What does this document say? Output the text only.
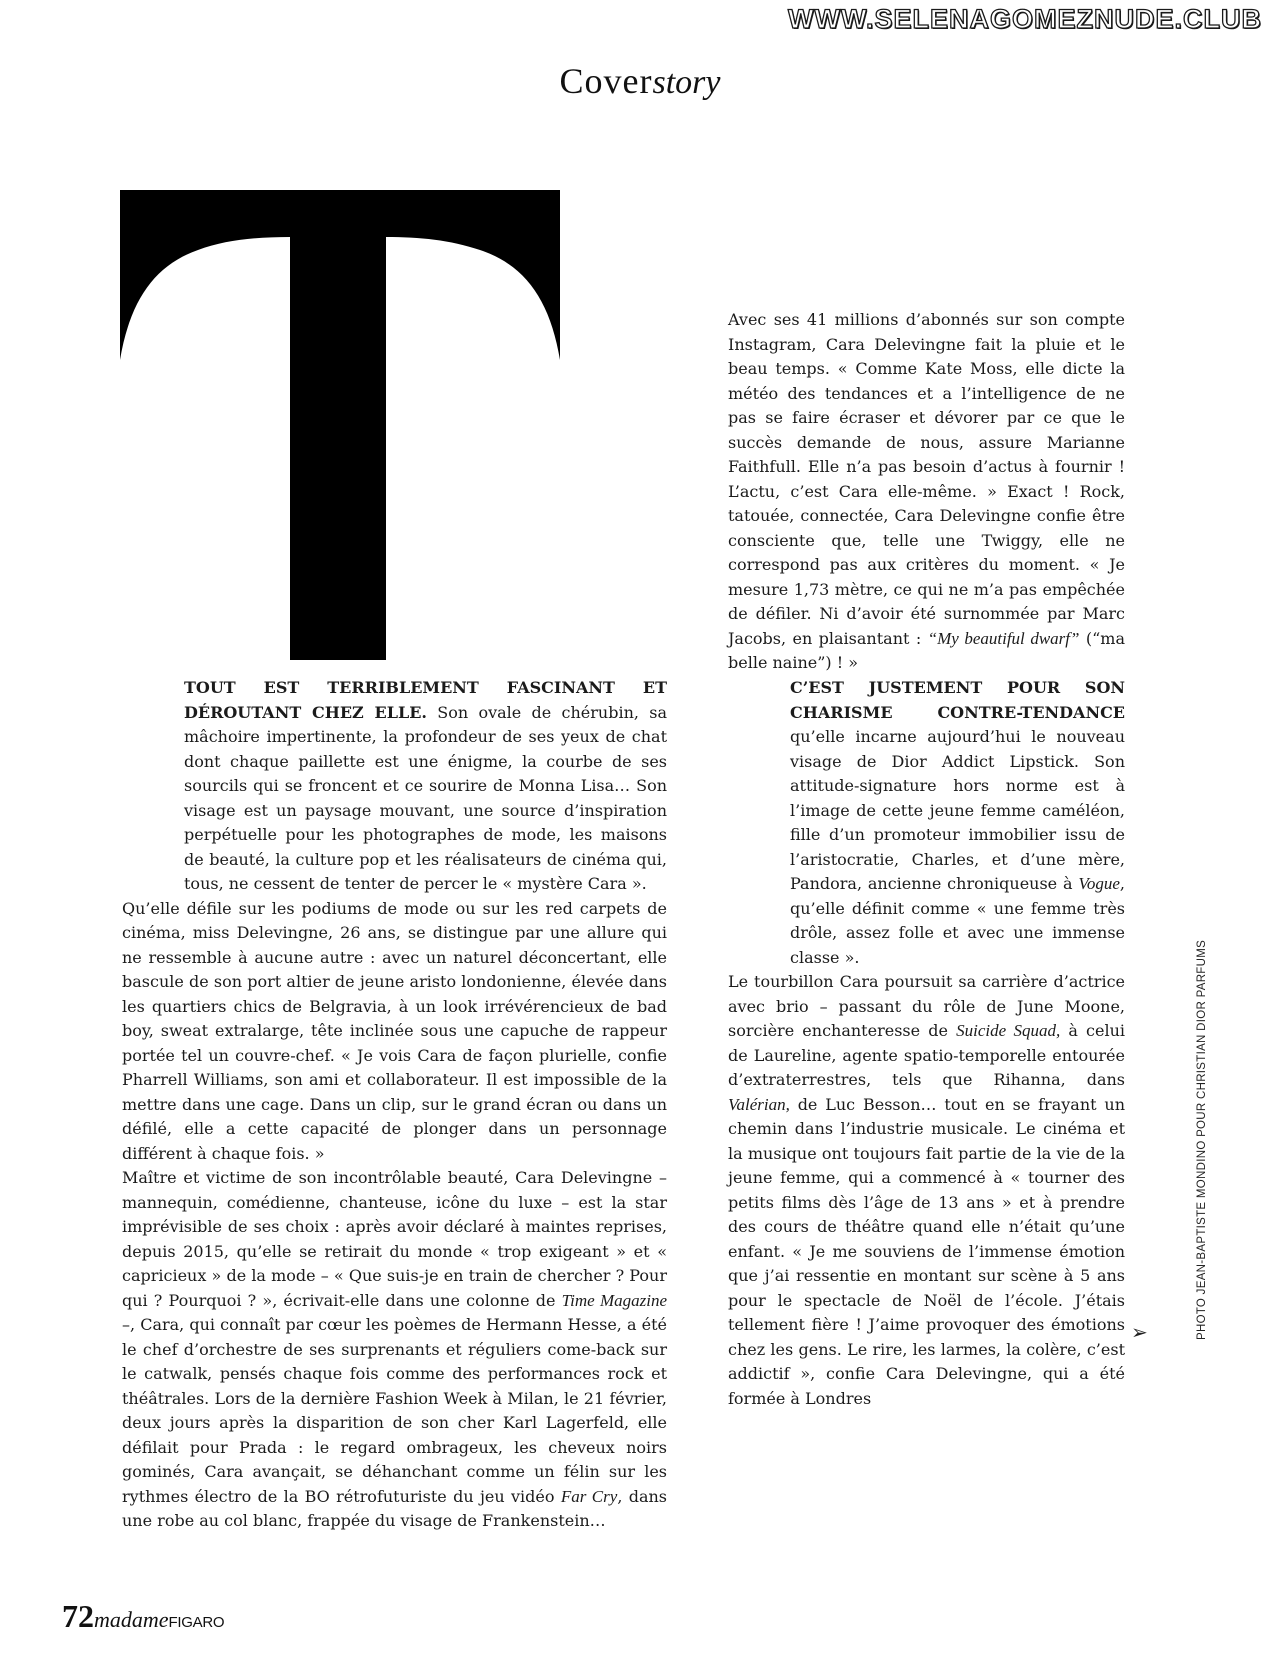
WWW.SELENAGOMEZNUDE.CLUB
Coverstory

Avec ses 41 millions d’abonnés sur son compte Instagram, Cara Delevingne fait la pluie et le beau temps. « Comme Kate Moss, elle dicte la météo des tendances et a l’intelligence de ne pas se faire écraser et dévorer par ce que le succès demande de nous, assure Marianne Faithfull. Elle n’a pas besoin d’actus à fournir ! L’actu, c’est Cara elle-même. » Exact ! Rock, tatouée, connectée, Cara Delevingne confie être consciente que, telle une Twiggy, elle ne correspond pas aux critères du moment. « Je mesure 1,73 mètre, ce qui ne m’a pas empêchée de défiler. Ni d’avoir été surnommée par Marc Jacobs, en plaisantant : “My beautiful dwarf” (“ma belle naine”) ! »

TOUT EST TERRIBLEMENT FASCINANT ET DÉROUTANT CHEZ ELLE. Son ovale de chérubin, sa mâchoire impertinente, la profondeur de ses yeux de chat dont chaque paillette est une énigme, la courbe de ses sourcils qui se froncent et ce sourire de Monna Lisa… Son visage est un paysage mouvant, une source d’inspiration perpétuelle pour les photographes de mode, les maisons de beauté, la culture pop et les réalisateurs de cinéma qui, tous, ne cessent de tenter de percer le « mystère Cara ».

Qu’elle défile sur les podiums de mode ou sur les red carpets de cinéma, miss Delevingne, 26 ans, se distingue par une allure qui ne ressemble à aucune autre : avec un naturel déconcertant, elle bascule de son port altier de jeune aristo londonienne, élevée dans les quartiers chics de Belgravia, à un look irrévérencieux de bad boy, sweat extralarge, tête inclinée sous une capuche de rappeur portée tel un couvre-chef. « Je vois Cara de façon plurielle, confie Pharrell Williams, son ami et collaborateur. Il est impossible de la mettre dans une cage. Dans un clip, sur le grand écran ou dans un défilé, elle a cette capacité de plonger dans un personnage différent à chaque fois. »

Maître et victime de son incontrôlable beauté, Cara Delevingne – mannequin, comédienne, chanteuse, icône du luxe – est la star imprévisible de ses choix : après avoir déclaré à maintes reprises, depuis 2015, qu’elle se retirait du monde « trop exigeant » et « capricieux » de la mode – « Que suis-je en train de chercher ? Pour qui ? Pourquoi ? », écrivait-elle dans une colonne de Time Magazine –, Cara, qui connaît par cœur les poèmes de Hermann Hesse, a été le chef d’orchestre de ses surprenants et réguliers come-back sur le catwalk, pensés chaque fois comme des performances rock et théâtrales. Lors de la dernière Fashion Week à Milan, le 21 février, deux jours après la disparition de son cher Karl Lagerfeld, elle défilait pour Prada : le regard ombrageux, les cheveux noirs gominés, Cara avançait, se déhanchant comme un félin sur les rythmes électro de la BO rétrofuturiste du jeu vidéo Far Cry, dans une robe au col blanc, frappée du visage de Frankenstein…

C’EST JUSTEMENT POUR SON CHARISME CONTRE-TENDANCE qu’elle incarne aujourd’hui le nouveau visage de Dior Addict Lipstick. Son attitude-signature hors norme est à l’image de cette jeune femme caméléon, fille d’un promoteur immobilier issu de l’aristocratie, Charles, et d’une mère, Pandora, ancienne chroniqueuse à Vogue, qu’elle définit comme « une femme très drôle, assez folle et avec une immense classe ».

Le tourbillon Cara poursuit sa carrière d’actrice avec brio – passant du rôle de June Moone, sorcière enchanteresse de Suicide Squad, à celui de Laureline, agente spatio-temporelle entourée d’extraterrestres, tels que Rihanna, dans Valérian, de Luc Besson… tout en se frayant un chemin dans l’industrie musicale. Le cinéma et la musique ont toujours fait partie de la vie de la jeune femme, qui a commencé à « tourner des petits films dès l’âge de 13 ans » et à prendre des cours de théâtre quand elle n’était qu’une enfant. « Je me souviens de l’immense émotion que j’ai ressentie en montant sur scène à 5 ans pour le spectacle de Noël de l’école. J’étais tellement fière ! J’aime provoquer des émotions chez les gens. Le rire, les larmes, la colère, c’est addictif », confie Cara Delevingne, qui a été formée à Londres

➢	PHOTO JEAN-BAPTISTE MONDINO POUR CHRISTIAN DIOR PARFUMS
72madameFIGARO
